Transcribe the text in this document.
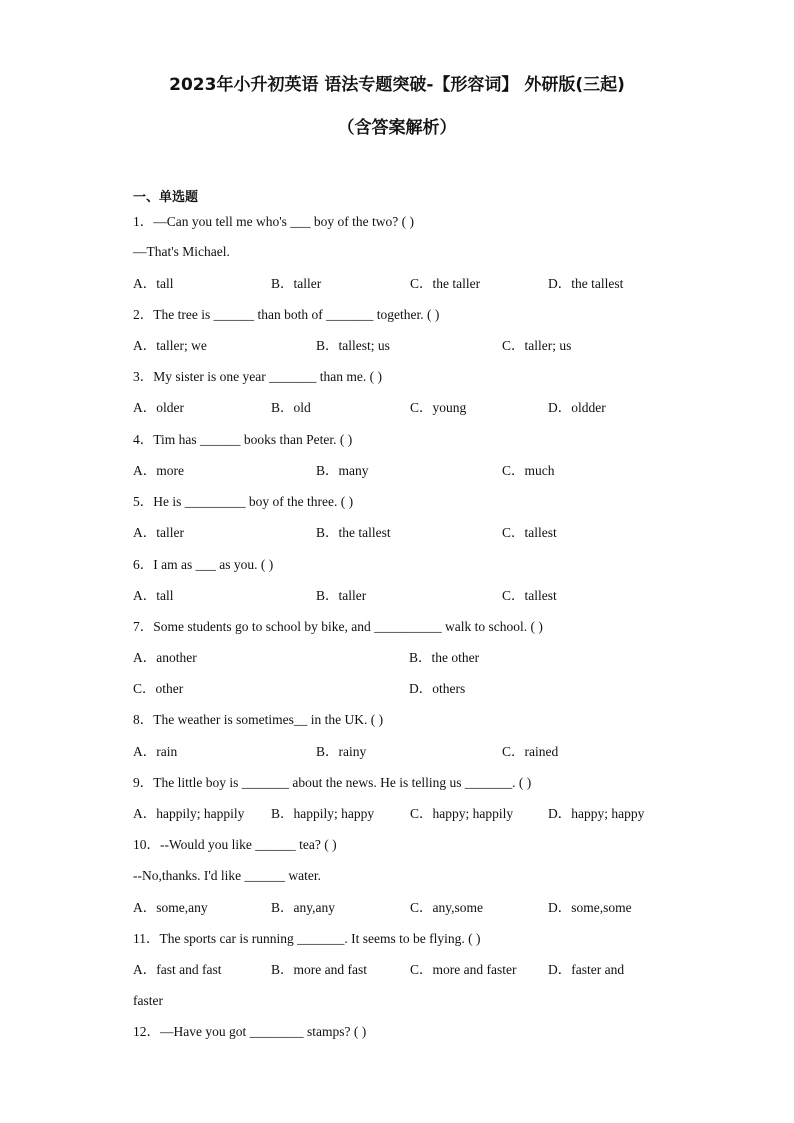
2023年小升初英语 语法专题突破-【形容词】 外研版(三起)
（含答案解析）
一、单选题
1．—Can you tell me who's ___ boy of the two? ( )
—That's Michael.
A．tall	B．taller	C．the taller	D．the tallest
2．The tree is ______ than both of _______ together. ( )
A．taller; we	B．tallest; us	C．taller; us
3．My sister is one year _______ than me. ( )
A．older	B．old	C．young	D．oldder
4．Tim has ______ books than Peter. ( )
A．more	B．many	C．much
5．He is _________ boy of the three. ( )
A．taller	B．the tallest	C．tallest
6．I am as ___ as you. ( )
A．tall	B．taller	C．tallest
7．Some students go to school by bike, and __________ walk to school. ( )
A．another	B．the other
C．other	D．others
8．The weather is sometimes__ in the UK. ( )
A．rain	B．rainy	C．rained
9．The little boy is _______ about the news. He is telling us _______. ( )
A．happily; happily B．happily; happy	C．happy; happily	D．happy; happy
10．--Would you like ______ tea? ( )
--No,thanks. I'd like ______ water.
A．some,any	B．any,any	C．any,some	D．some,some
11．The sports car is running _______. It seems to be flying. ( )
A．fast and fast	B．more and fast	C．more and faster D．faster and
faster
12．—Have you got ________ stamps? ( )
